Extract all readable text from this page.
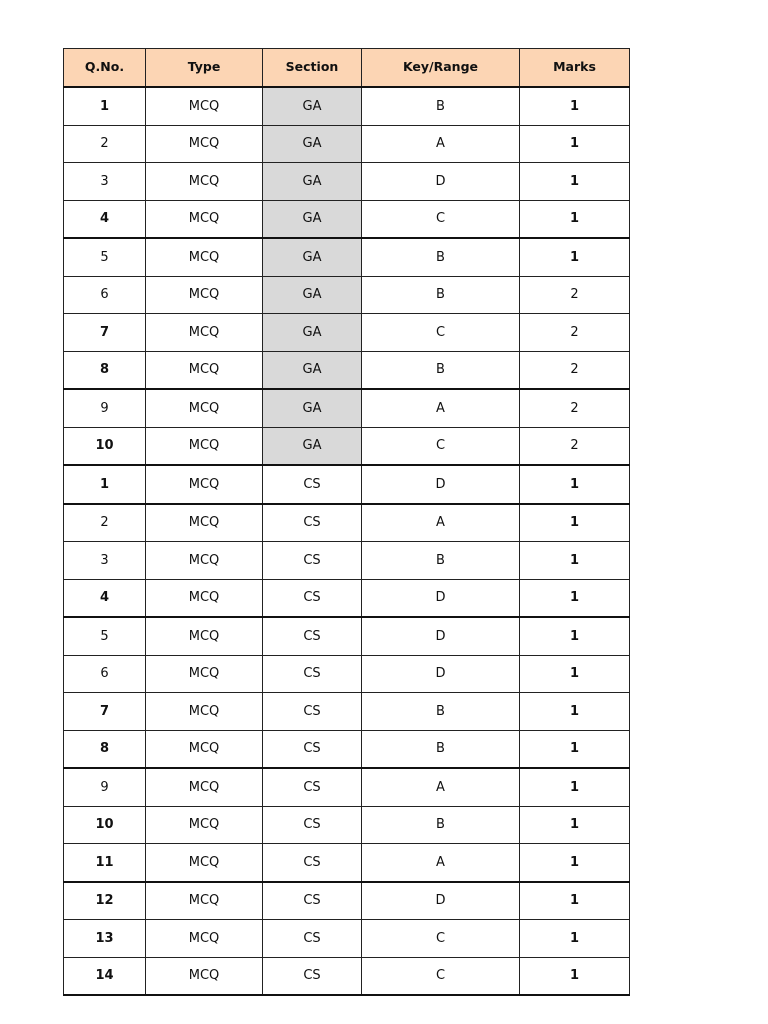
Q.No.	Type	Section	Key/Range	Marks
1	MCQ	GA	B	1
2	MCQ	GA	A	1
3	MCQ	GA	D	1
4	MCQ	GA	C	1
5	MCQ	GA	B	1
6	MCQ	GA	B	2
7	MCQ	GA	C	2
8	MCQ	GA	B	2
9	MCQ	GA	A	2
10	MCQ	GA	C	2
1	MCQ	CS	D	1
2	MCQ	CS	A	1
3	MCQ	CS	B	1
4	MCQ	CS	D	1
5	MCQ	CS	D	1
6	MCQ	CS	D	1
7	MCQ	CS	B	1
8	MCQ	CS	B	1
9	MCQ	CS	A	1
10	MCQ	CS	B	1
11	MCQ	CS	A	1
12	MCQ	CS	D	1
13	MCQ	CS	C	1
14	MCQ	CS	C	1
